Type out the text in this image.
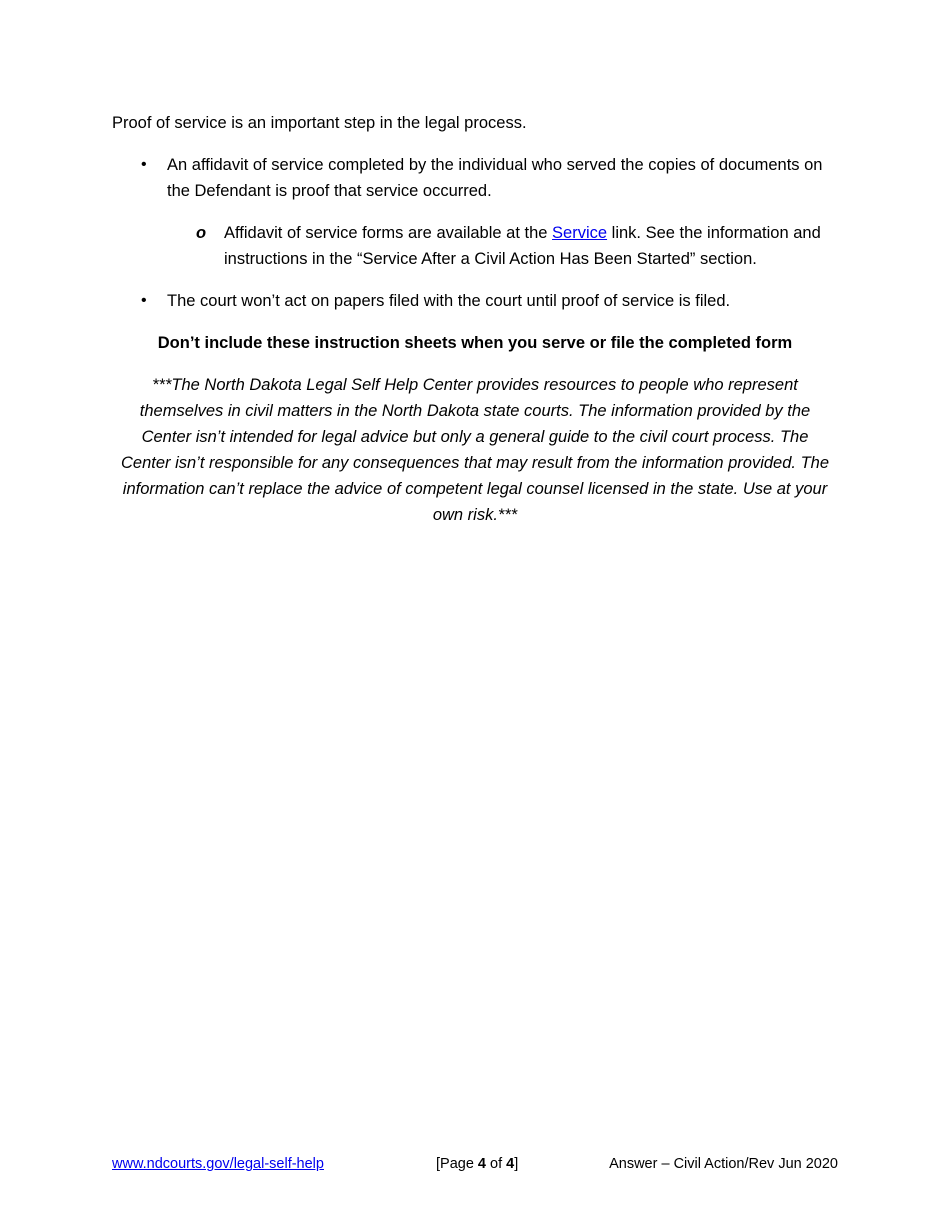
Proof of service is an important step in the legal process.

• An affidavit of service completed by the individual who served the copies of documents on the Defendant is proof that service occurred.
o Affidavit of service forms are available at the Service link. See the information and instructions in the “Service After a Civil Action Has Been Started” section.
• The court won’t act on papers filed with the court until proof of service is filed.
Don’t include these instruction sheets when you serve or file the completed form
***The North Dakota Legal Self Help Center provides resources to people who represent themselves in civil matters in the North Dakota state courts. The information provided by the Center isn’t intended for legal advice but only a general guide to the civil court process. The Center isn’t responsible for any consequences that may result from the information provided. The information can’t replace the advice of competent legal counsel licensed in the state. Use at your own risk.***
www.ndcourts.gov/legal-self-help	[Page 4 of 4]	Answer – Civil Action/Rev Jun 2020
